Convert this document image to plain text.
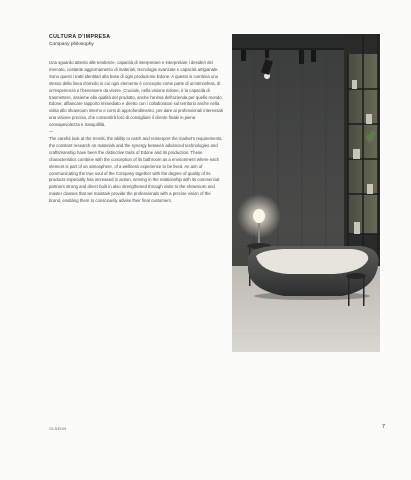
CULTURA D'IMPRESA
Company philosophy

Una sguardo attento alle tendenze, capacità di interpretare e interpretare i desideri del mercato, costante aggiornamento di materiali, tecnologie avanzate e capacità artigianale. Sono questi i tratti identitari alla base di ogni produzione Edone. A questo si combina uno stesso della linea d'arredo in cui ogni elemento è concepito come parte di un'atmosfera, di un'esperienza e l'benessere da vivere. Cruciale, nella visione Edone, è la capacità di trasmettere, assieme alla qualità del prodotto, anche l'anima dell'azienda per quello mondo Edone; affiancare rapporto immediato e diretto con i collaboratori sul territorio anche nella visita allo showroom interno e corsi di approfondimento, per dare ai professionali interessati una visione precisa, che consentirà loro di consigliare il cliente finale in piena consapevolezza e tranquillità.

—

The careful look at the trends, the ability to catch and reinterpret the market's requirements, the constant research on materials and the synergy between advanced technologies and craftsmanship have been the distinctive traits of Edone and its production. These characteristics combine with the conception of its bathroom as a environment where each element is part of an atmosphere, of a wellness experience to be lived. An aim of communicating the true soul of the Company together with the degree of quality of its products especially has increased in action, serving in the relationship with its commercial partners strong and direct built in also strengthened through visits to the showroom and master classes that we maintain provide the professionals with a precise vision of the brand, enabling them to consciously advise their final customers.

OLDEDN	7
